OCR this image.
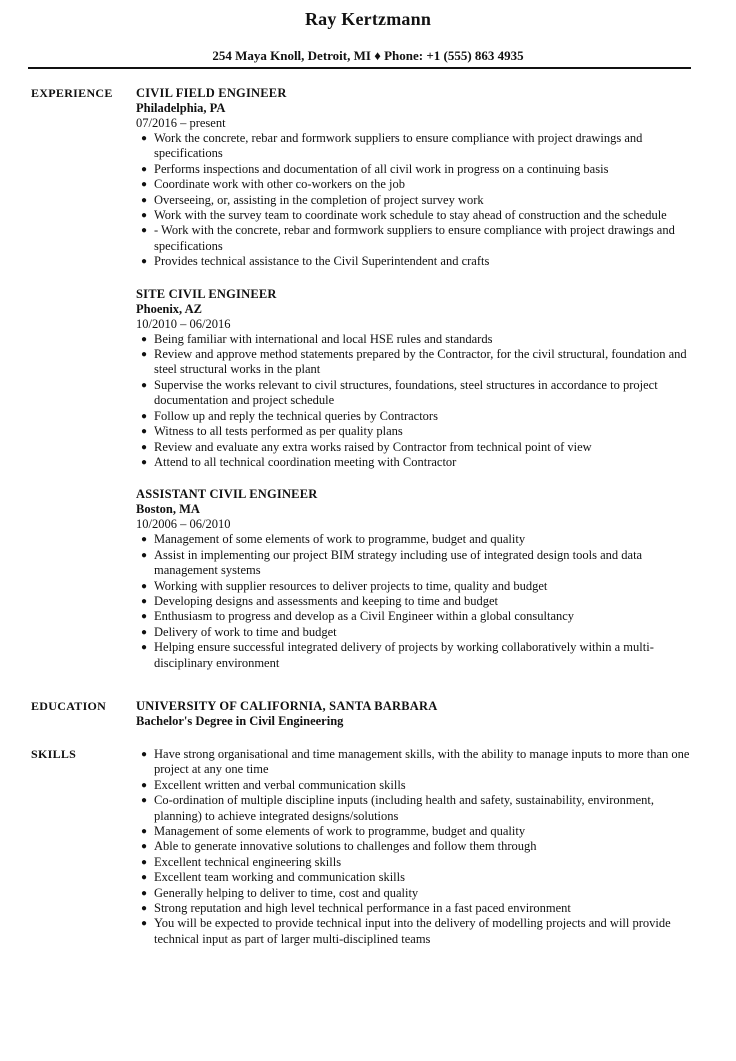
Ray Kertzmann
254 Maya Knoll, Detroit, MI ♦ Phone: +1 (555) 863 4935
EXPERIENCE CIVIL FIELD ENGINEER
Philadelphia, PA
07/2016 – present
● Work the concrete, rebar and formwork suppliers to ensure compliance with project drawings and specifications
● Performs inspections and documentation of all civil work in progress on a continuing basis
● Coordinate work with other co-workers on the job
● Overseeing, or, assisting in the completion of project survey work
● Work with the survey team to coordinate work schedule to stay ahead of construction and the schedule
● - Work with the concrete, rebar and formwork suppliers to ensure compliance with project drawings and specifications
● Provides technical assistance to the Civil Superintendent and crafts
SITE CIVIL ENGINEER
Phoenix, AZ
10/2010 – 06/2016
● Being familiar with international and local HSE rules and standards
● Review and approve method statements prepared by the Contractor, for the civil structural, foundation and steel structural works in the plant
● Supervise the works relevant to civil structures, foundations, steel structures in accordance to project documentation and project schedule
● Follow up and reply the technical queries by Contractors
● Witness to all tests performed as per quality plans
● Review and evaluate any extra works raised by Contractor from technical point of view
● Attend to all technical coordination meeting with Contractor
ASSISTANT CIVIL ENGINEER
Boston, MA
10/2006 – 06/2010
● Management of some elements of work to programme, budget and quality
● Assist in implementing our project BIM strategy including use of integrated design tools and data management systems
● Working with supplier resources to deliver projects to time, quality and budget
● Developing designs and assessments and keeping to time and budget
● Enthusiasm to progress and develop as a Civil Engineer within a global consultancy
● Delivery of work to time and budget
● Helping ensure successful integrated delivery of projects by working collaboratively within a multi-disciplinary environment
EDUCATION UNIVERSITY OF CALIFORNIA, SANTA BARBARA
Bachelor's Degree in Civil Engineering
SKILLS	● Have strong organisational and time management skills, with the ability to manage inputs to more than one project at any one time
● Excellent written and verbal communication skills
● Co-ordination of multiple discipline inputs (including health and safety, sustainability, environment, planning) to achieve integrated designs/solutions
● Management of some elements of work to programme, budget and quality
● Able to generate innovative solutions to challenges and follow them through
● Excellent technical engineering skills
● Excellent team working and communication skills
● Generally helping to deliver to time, cost and quality
● Strong reputation and high level technical performance in a fast paced environment
● You will be expected to provide technical input into the delivery of modelling projects and will provide technical input as part of larger multi-disciplined teams
